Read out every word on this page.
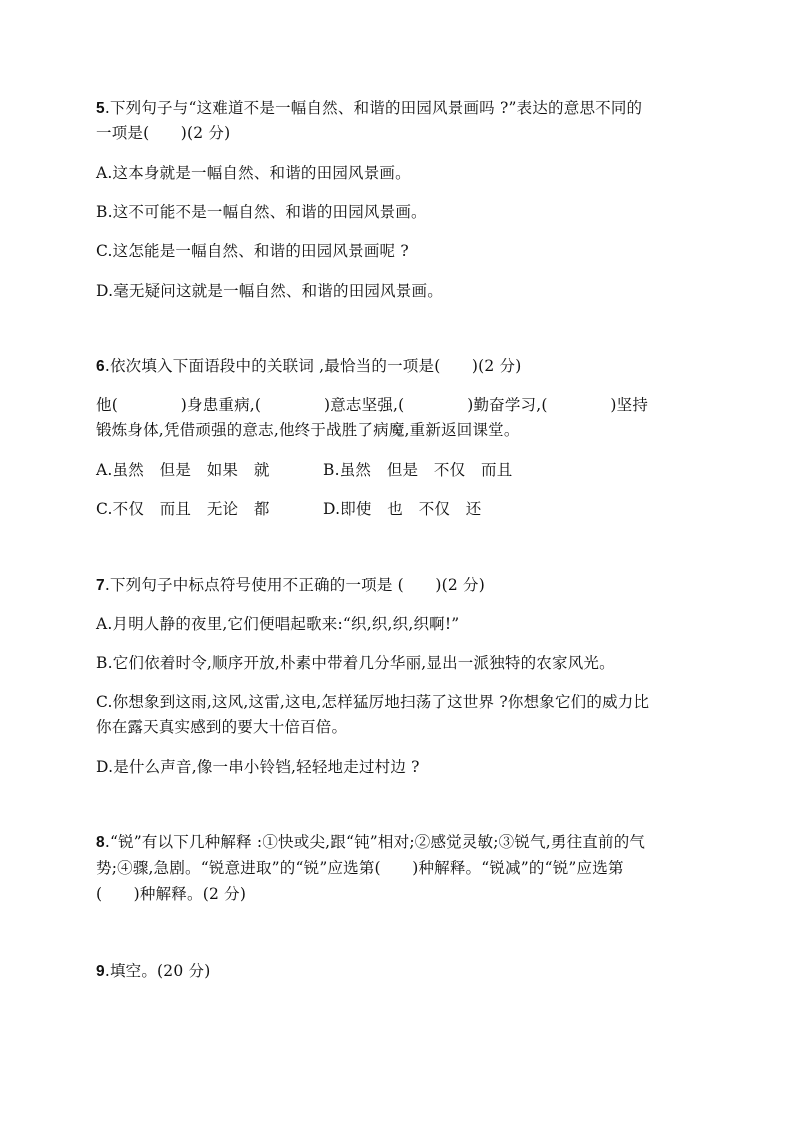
5.下列句子与“这难道不是一幅自然、和谐的田园风景画吗 ?”表达的意思不同的
一项是(　　)(2 分)
A.这本身就是一幅自然、和谐的田园风景画。
B.这不可能不是一幅自然、和谐的田园风景画。
C.这怎能是一幅自然、和谐的田园风景画呢 ?
D.毫无疑问这就是一幅自然、和谐的田园风景画。
6.依次填入下面语段中的关联词 ,最恰当的一项是(　　)(2 分)
他(　　　　)身患重病,(　　　　)意志坚强,(　　　　)勤奋学习,(　　　　)坚持
锻炼身体,凭借顽强的意志,他终于战胜了病魔,重新返回课堂。
A.虽然　但是　如果　就	B.虽然　但是　不仅　而且
C.不仅　而且　无论　都	D.即使　也　不仅　还
7.下列句子中标点符号使用不正确的一项是 (　　)(2 分)
A.月明人静的夜里,它们便唱起歌来:“织,织,织,织啊!”
B.它们依着时令,顺序开放,朴素中带着几分华丽,显出一派独特的农家风光。
C.你想象到这雨,这风,这雷,这电,怎样猛厉地扫荡了这世界 ?你想象它们的威力比
你在露天真实感到的要大十倍百倍。
D.是什么声音,像一串小铃铛,轻轻地走过村边 ?
8.“锐”有以下几种解释 :①快或尖,跟“钝”相对;②感觉灵敏;③锐气,勇往直前的气
势;④骤,急剧。“锐意进取”的“锐”应选第(　　)种解释。“锐减”的“锐”应选第
(　　)种解释。(2 分)
9.填空。(20 分)
